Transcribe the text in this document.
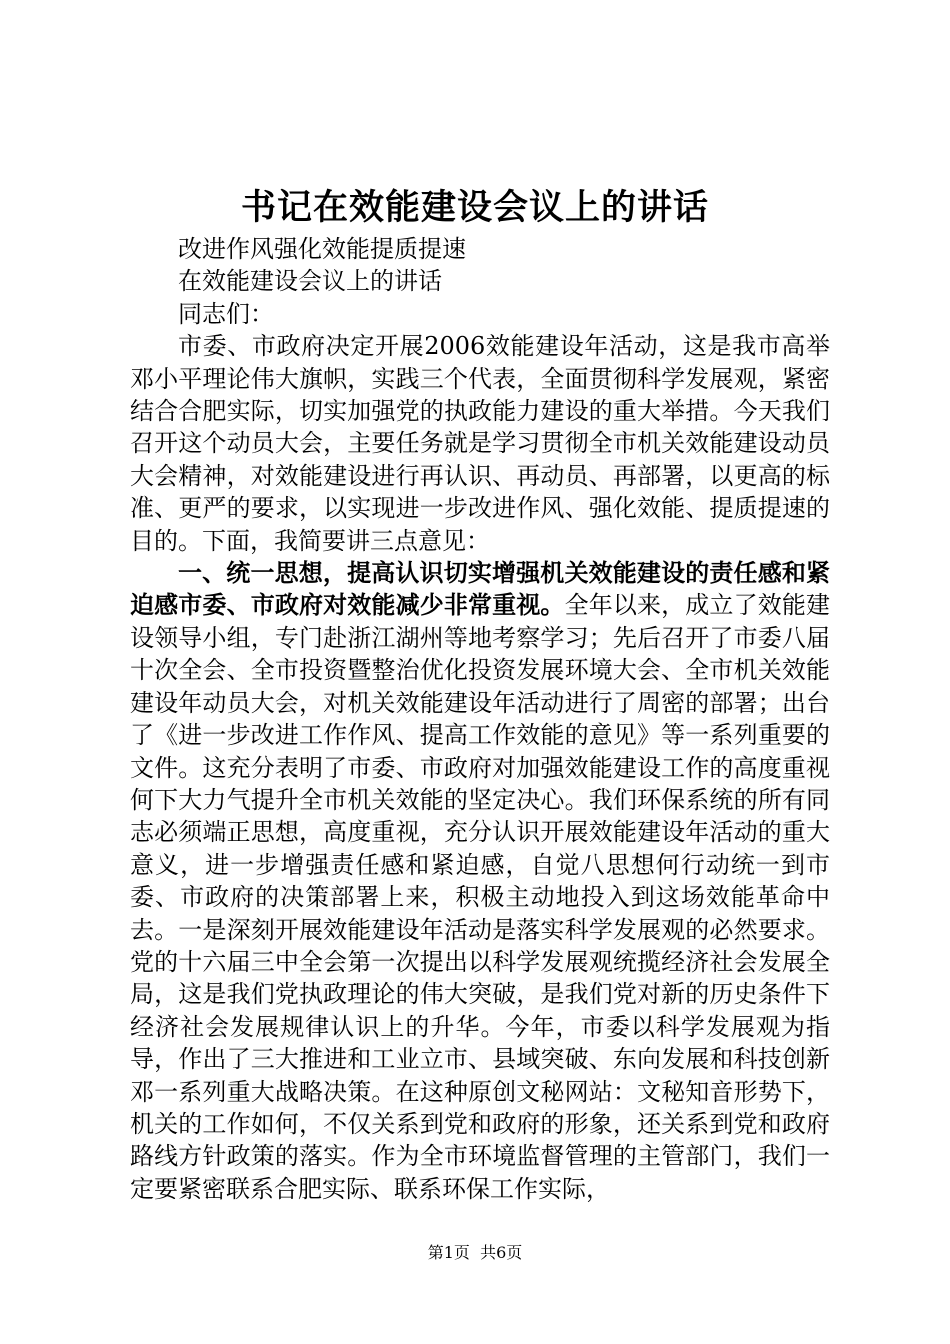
书记在效能建设会议上的讲话

改进作风强化效能提质提速

在效能建设会议上的讲话

同志们：

市委、市政府决定开展2006效能建设年活动，这是我市高举邓小平理论伟大旗帜，实践三个代表，全面贯彻科学发展观，紧密结合合肥实际，切实加强党的执政能力建设的重大举措。今天我们召开这个动员大会，主要任务就是学习贯彻全市机关效能建设动员大会精神，对效能建设进行再认识、再动员、再部署，以更高的标准、更严的要求，以实现进一步改进作风、强化效能、提质提速的目的。下面，我简要讲三点意见：

一、统一思想，提高认识切实增强机关效能建设的责任感和紧迫感市委、市政府对效能减少非常重视。全年以来，成立了效能建设领导小组，专门赴浙江湖州等地考察学习；先后召开了市委八届十次全会、全市投资暨整治优化投资发展环境大会、全市机关效能建设年动员大会，对机关效能建设年活动进行了周密的部署；出台了《进一步改进工作作风、提高工作效能的意见》等一系列重要的文件。这充分表明了市委、市政府对加强效能建设工作的高度重视何下大力气提升全市机关效能的坚定决心。我们环保系统的所有同志必须端正思想，高度重视，充分认识开展效能建设年活动的重大意义，进一步增强责任感和紧迫感，自觉八思想何行动统一到市委、市政府的决策部署上来，积极主动地投入到这场效能革命中去。一是深刻开展效能建设年活动是落实科学发展观的必然要求。党的十六届三中全会第一次提出以科学发展观统揽经济社会发展全局，这是我们党执政理论的伟大突破，是我们党对新的历史条件下经济社会发展规律认识上的升华。今年，市委以科学发展观为指导，作出了三大推进和工业立市、县域突破、东向发展和科技创新邓一系列重大战略决策。在这种原创文秘网站：文秘知音形势下，机关的工作如何，不仅关系到党和政府的形象，还关系到党和政府路线方针政策的落实。作为全市环境监督管理的主管部门，我们一定要紧密联系合肥实际、联系环保工作实际，

第1页 共6页
